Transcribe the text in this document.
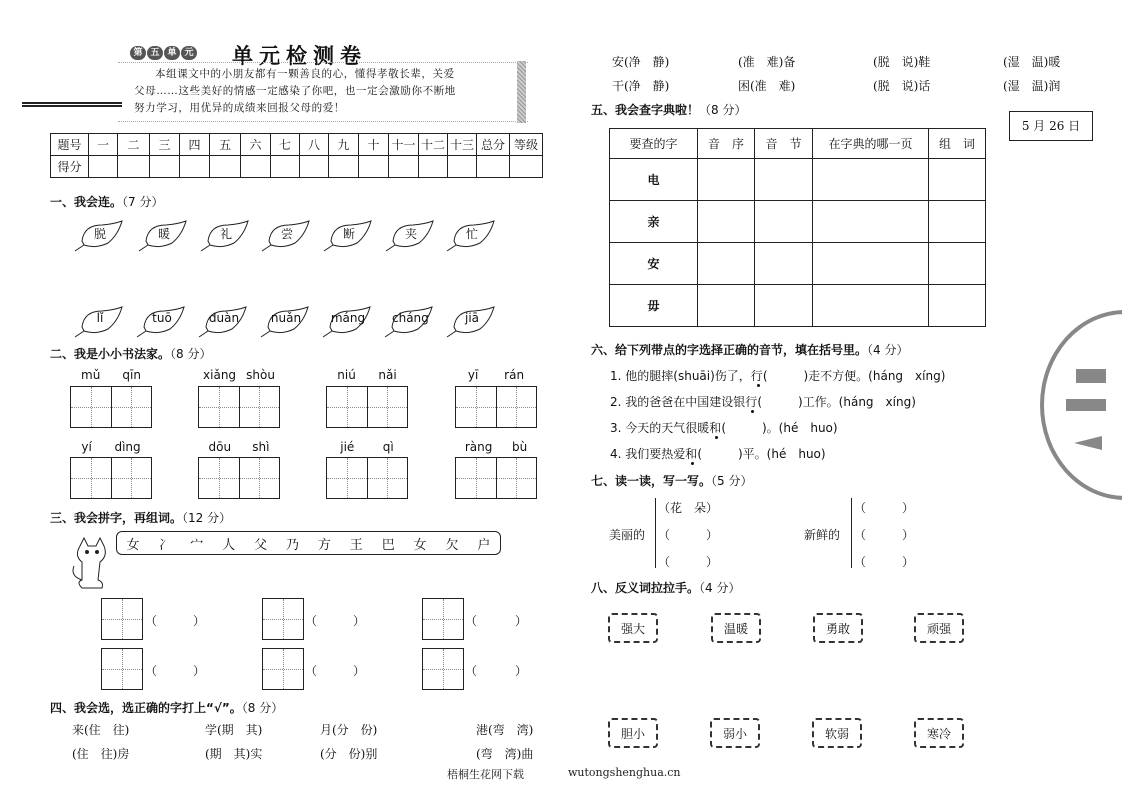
第 五 单 元 单元检测卷
本组课文中的小朋友都有一颗善良的心，懂得孝敬长辈，关爱
父母……这些美好的情感一定感染了你吧，也一定会激励你不断地
努力学习，用优异的成绩来回报父母的爱！
题号	一	二	三	四	五	六	七	八	九	十	十一	十二	十三	总分	等级
得分															
一、我会连。（7 分）
脱	暖	礼	尝	断	夹	忙
lǐ	tuō	duàn	nuǎn máng cháng	jiā
二、我是小小书法家。（8 分）
mǔ qīn	xiǎng shòu	niú nǎi	yī rán
yí dìng	dōu shì	jié qì	ràng bù
三、我会拼字，再组词。（12 分）
女 冫 宀 人 父 乃 方 王 巴 女 欠 户
（	）	（	）	（	）
（	）	（	）	（	）
四、我会选，选正确的字打上“√”。（8 分）
来(住　往)	学(期　其)	月(分　份)	港(弯　湾)
(住　往)房	(期　其)实	(分　份)别	(弯　湾)曲
安(净　静)	(准　难)备	(脱　说)鞋	(湿　温)暖
干(净　静)	困(准　难)	(脱　说)话	(湿　温)润
五、我会查字典啦！（8 分）
5 月 26 日
要查的字	音　序	音　节	在字典的哪一页	组　词
电				
亲				
安				
毋				
六、给下列带点的字选择正确的音节，填在括号里。（4 分）
1. 他的腿摔(shuāi)伤了，行(　　　)走不方便。(háng　xíng)
2. 我的爸爸在中国建设银行(　　　)工作。(háng　xíng)
3. 今天的天气很暖和(　　　)。(hé　huo)
4. 我们要热爱和(　　　)平。(hé　huo)
七、读一读，写一写。（5 分）
美丽的
（花　朵）
（　　　）
（　　　）
新鲜的
（　　　）
（　　　）
（　　　）
八、反义词拉拉手。（4 分）
强大	温暖	勇敢	顽强
胆小	弱小	软弱	寒冷
梧桐生花网下载	wutongshenghua.cn
